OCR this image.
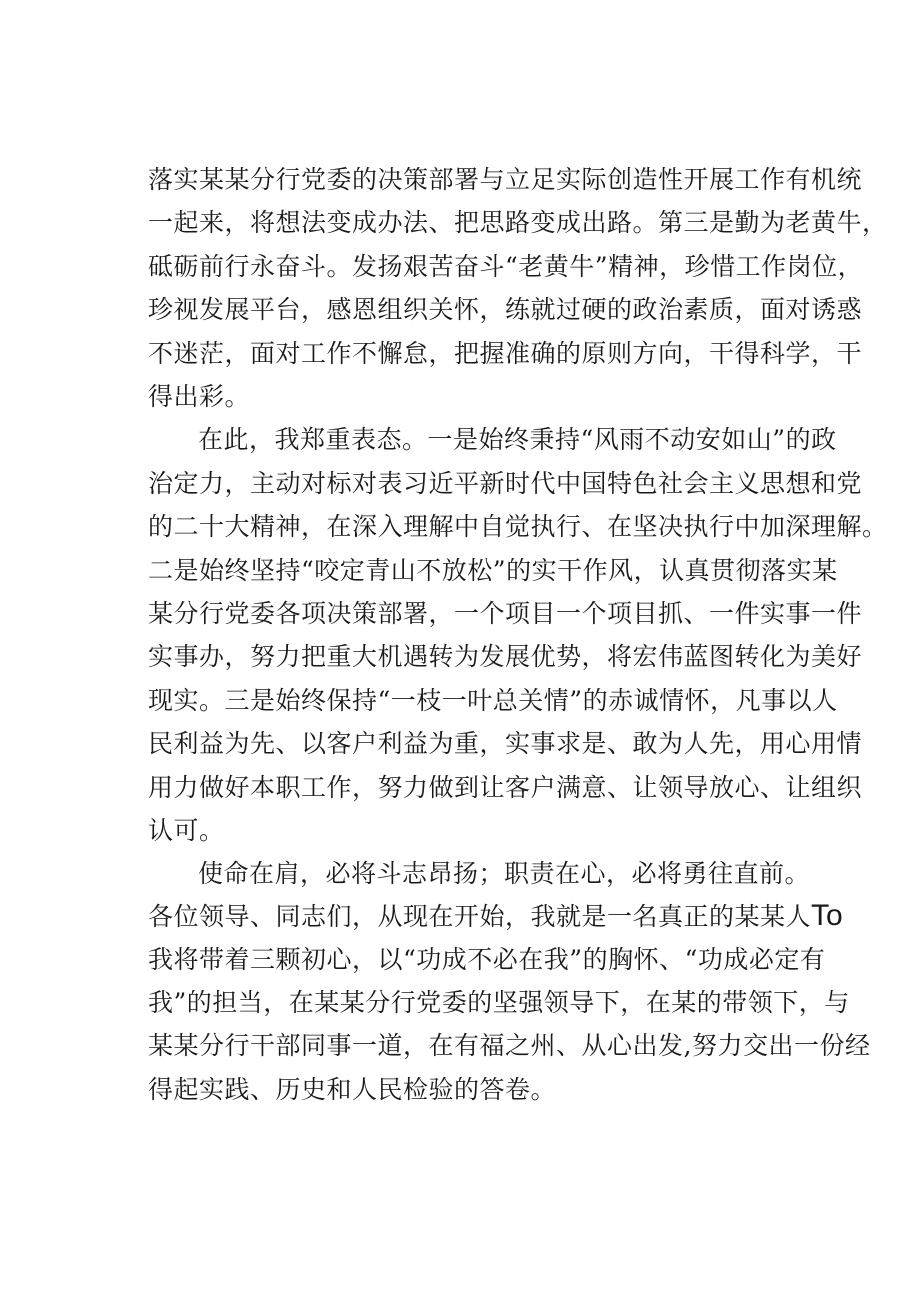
落实某某分行党委的决策部署与立足实际创造性开展工作有机统
一起来，将想法变成办法、把思路变成出路。第三是勤为老黄牛，
砥砺前行永奋斗。发扬艰苦奋斗“老黄牛”精神，珍惜工作岗位，
珍视发展平台，感恩组织关怀，练就过硬的政治素质，面对诱惑
不迷茫，面对工作不懈怠，把握准确的原则方向，干得科学，干
得出彩。
在此，我郑重表态。一是始终秉持“风雨不动安如山”的政
治定力，主动对标对表习近平新时代中国特色社会主义思想和党
的二十大精神，在深入理解中自觉执行、在坚决执行中加深理解。
二是始终坚持“咬定青山不放松”的实干作风，认真贯彻落实某
某分行党委各项决策部署，一个项目一个项目抓、一件实事一件
实事办，努力把重大机遇转为发展优势，将宏伟蓝图转化为美好
现实。三是始终保持“一枝一叶总关情”的赤诚情怀，凡事以人
民利益为先、以客户利益为重，实事求是、敢为人先，用心用情
用力做好本职工作，努力做到让客户满意、让领导放心、让组织
认可。
使命在肩，必将斗志昂扬；职责在心，必将勇往直前。
各位领导、同志们，从现在开始，我就是一名真正的某某人To
我将带着三颗初心，以“功成不必在我”的胸怀、“功成必定有
我”的担当，在某某分行党委的坚强领导下，在某的带领下，与
某某分行干部同事一道，在有福之州、从心出发,努力交出一份经
得起实践、历史和人民检验的答卷。
